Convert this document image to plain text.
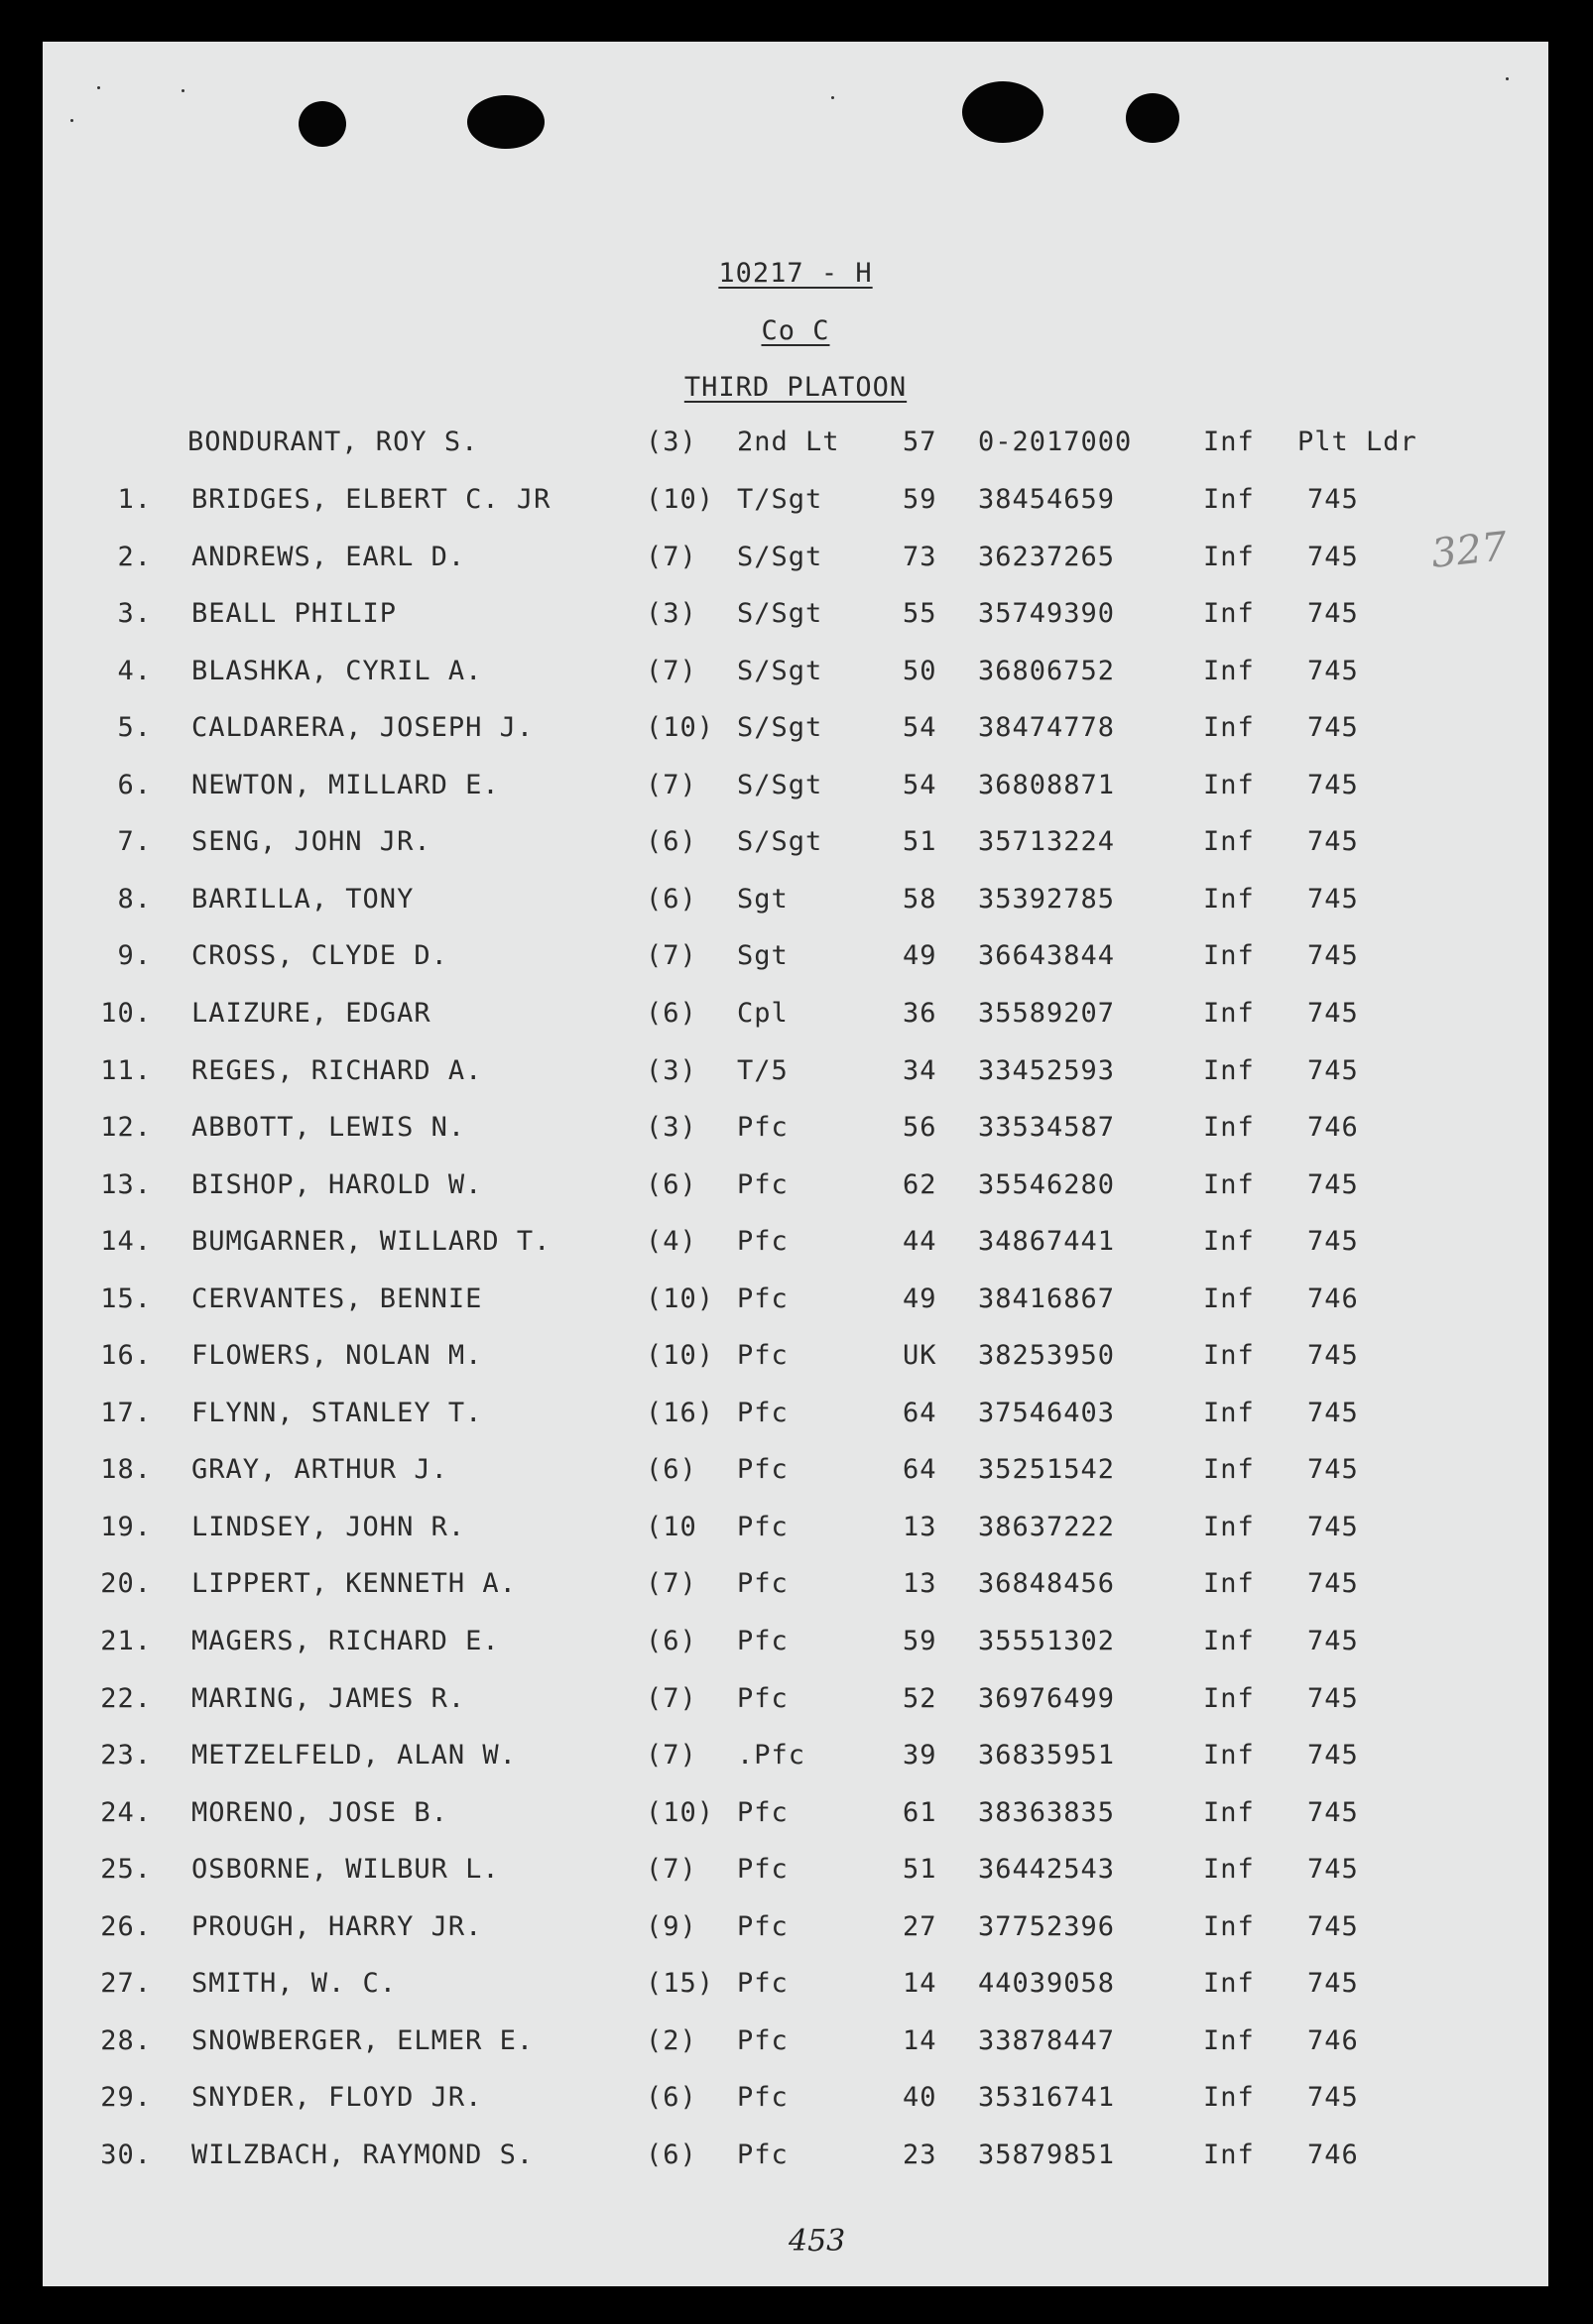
10217 - H
Co C
THIRD PLATOON
BONDURANT, ROY S.	(3) 2nd Lt 57 0-2017000	Inf Plt Ldr
1. BRIDGES, ELBERT C. JR	(10) T/Sgt	59 38454659	Inf 745
2. ANDREWS, EARL D.	(7) S/Sgt	73 36237265	Inf 745
3. BEALL PHILIP	(3) S/Sgt	55 35749390	Inf 745
4. BLASHKA, CYRIL A.	(7) S/Sgt	50 36806752	Inf 745
5. CALDARERA, JOSEPH J.	(10) S/Sgt	54 38474778	Inf 745
6. NEWTON, MILLARD E.	(7) S/Sgt	54 36808871	Inf 745
7. SENG, JOHN JR.	(6) S/Sgt	51 35713224	Inf 745
8. BARILLA, TONY	(6) Sgt	58 35392785	Inf 745
9. CROSS, CLYDE D.	(7) Sgt	49 36643844	Inf 745
10. LAIZURE, EDGAR	(6) Cpl	36 35589207	Inf 745
11. REGES, RICHARD A.	(3) T/5	34 33452593	Inf 745
12. ABBOTT, LEWIS N.	(3) Pfc	56 33534587	Inf 746
13. BISHOP, HAROLD W.	(6) Pfc	62 35546280	Inf 745
14. BUMGARNER, WILLARD T.	(4) Pfc	44 34867441	Inf 745
15. CERVANTES, BENNIE	(10) Pfc	49 38416867	Inf 746
16. FLOWERS, NOLAN M.	(10) Pfc	UK 38253950	Inf 745
17. FLYNN, STANLEY T.	(16) Pfc	64 37546403	Inf 745
18. GRAY, ARTHUR J.	(6) Pfc	64 35251542	Inf 745
19. LINDSEY, JOHN R.	(10 Pfc	13 38637222	Inf 745
20. LIPPERT, KENNETH A.	(7) Pfc	13 36848456	Inf 745
21. MAGERS, RICHARD E.	(6) Pfc	59 35551302	Inf 745
22. MARING, JAMES R.	(7) Pfc	52 36976499	Inf 745
23. METZELFELD, ALAN W.	(7) .Pfc	39 36835951	Inf 745
24. MORENO, JOSE B.	(10) Pfc	61 38363835	Inf 745
25. OSBORNE, WILBUR L.	(7) Pfc	51 36442543	Inf 745
26. PROUGH, HARRY JR.	(9) Pfc	27 37752396	Inf 745
27. SMITH, W. C.	(15) Pfc	14 44039058	Inf 745
28. SNOWBERGER, ELMER E.	(2) Pfc	14 33878447	Inf 746
29. SNYDER, FLOYD JR.	(6) Pfc	40 35316741	Inf 745
30. WILZBACH, RAYMOND S.	(6) Pfc	23 35879851	Inf 746
327
453
